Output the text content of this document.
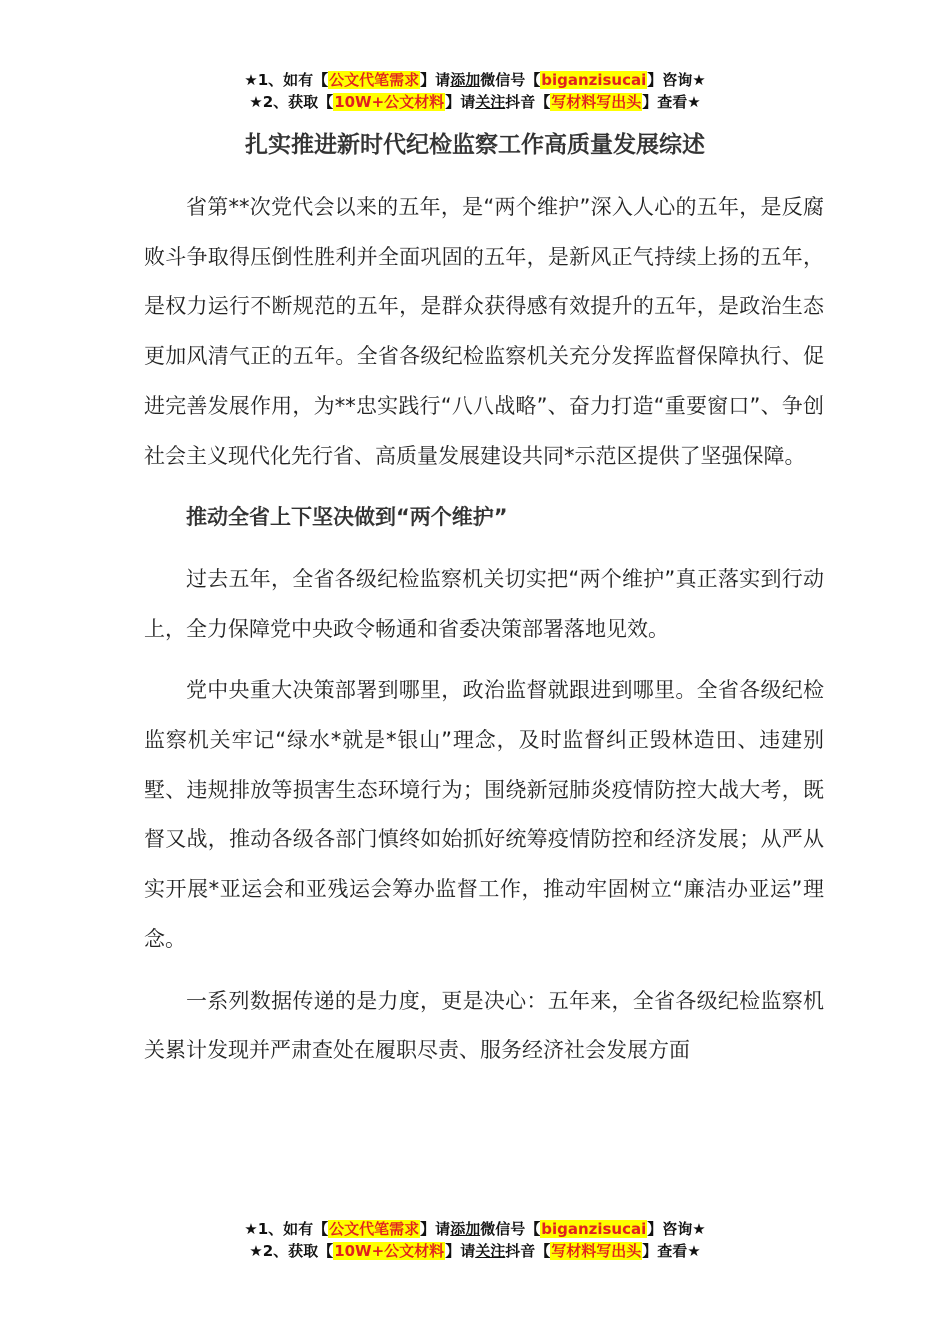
★1、如有【公文代笔需求】请添加微信号【biganzisucai】咨询★
★2、获取【10W+公文材料】请关注抖音【写材料写出头】查看★
扎实推进新时代纪检监察工作高质量发展综述

省第**次党代会以来的五年，是“两个维护”深入人心的五年，是反腐败斗争取得压倒性胜利并全面巩固的五年，是新风正气持续上扬的五年，是权力运行不断规范的五年，是群众获得感有效提升的五年，是政治生态更加风清气正的五年。全省各级纪检监察机关充分发挥监督保障执行、促进完善发展作用，为**忠实践行“八八战略”、奋力打造“重要窗口”、争创社会主义现代化先行省、高质量发展建设共同*示范区提供了坚强保障。

推动全省上下坚决做到“两个维护”

过去五年，全省各级纪检监察机关切实把“两个维护”真正落实到行动上，全力保障党中央政令畅通和省委决策部署落地见效。

党中央重大决策部署到哪里，政治监督就跟进到哪里。全省各级纪检监察机关牢记“绿水*就是*银山”理念，及时监督纠正毁林造田、违建别墅、违规排放等损害生态环境行为；围绕新冠肺炎疫情防控大战大考，既督又战，推动各级各部门慎终如始抓好统筹疫情防控和经济发展；从严从实开展*亚运会和亚残运会筹办监督工作，推动牢固树立“廉洁办亚运”理念。

一系列数据传递的是力度，更是决心：五年来，全省各级纪检监察机关累计发现并严肃查处在履职尽责、服务经济社会发展方面

★1、如有【公文代笔需求】请添加微信号【biganzisucai】咨询★
★2、获取【10W+公文材料】请关注抖音【写材料写出头】查看★
